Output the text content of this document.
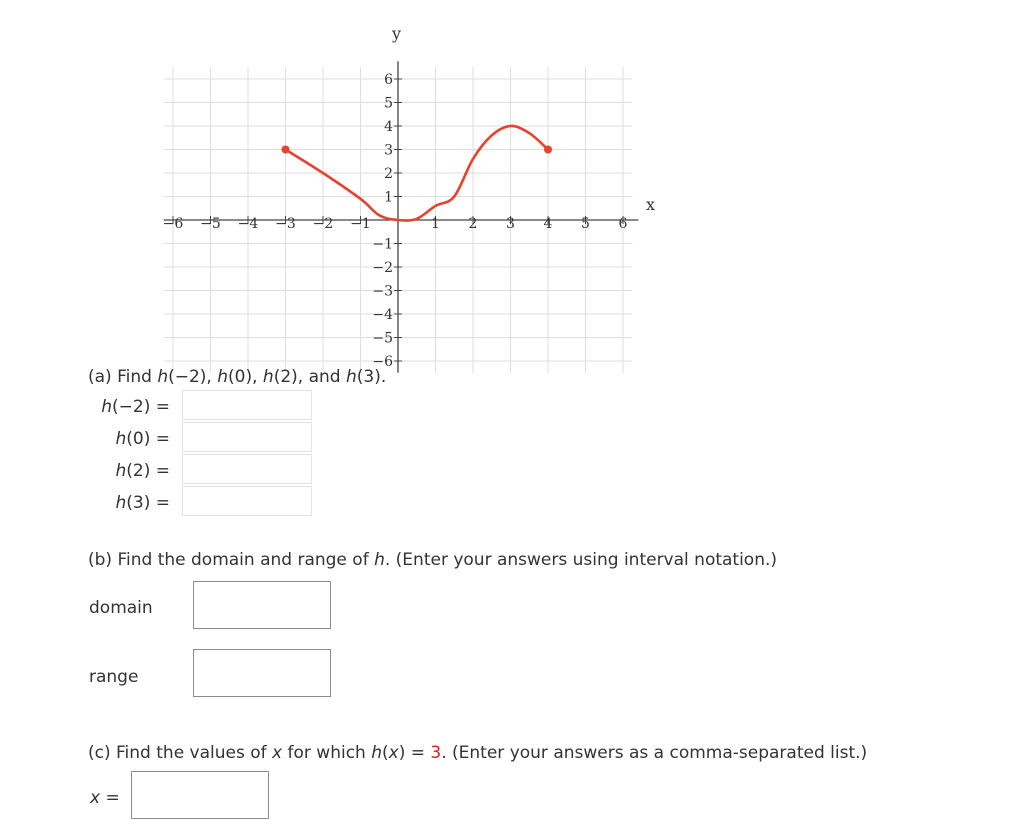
−6 −5 −4 −3 −2 −1	1 2 3 4 5 6
6
5
4
3
2
1
−1
−2
−3
−4
−5
−6
y
x
(a) Find h(−2), h(0), h(2), and h(3).
h(−2) =
h(0) =
h(2) =
h(3) =
(b) Find the domain and range of h. (Enter your answers using interval notation.)
domain
range
(c) Find the values of x for which h(x) = 3. (Enter your answers as a comma-separated list.)
x =
